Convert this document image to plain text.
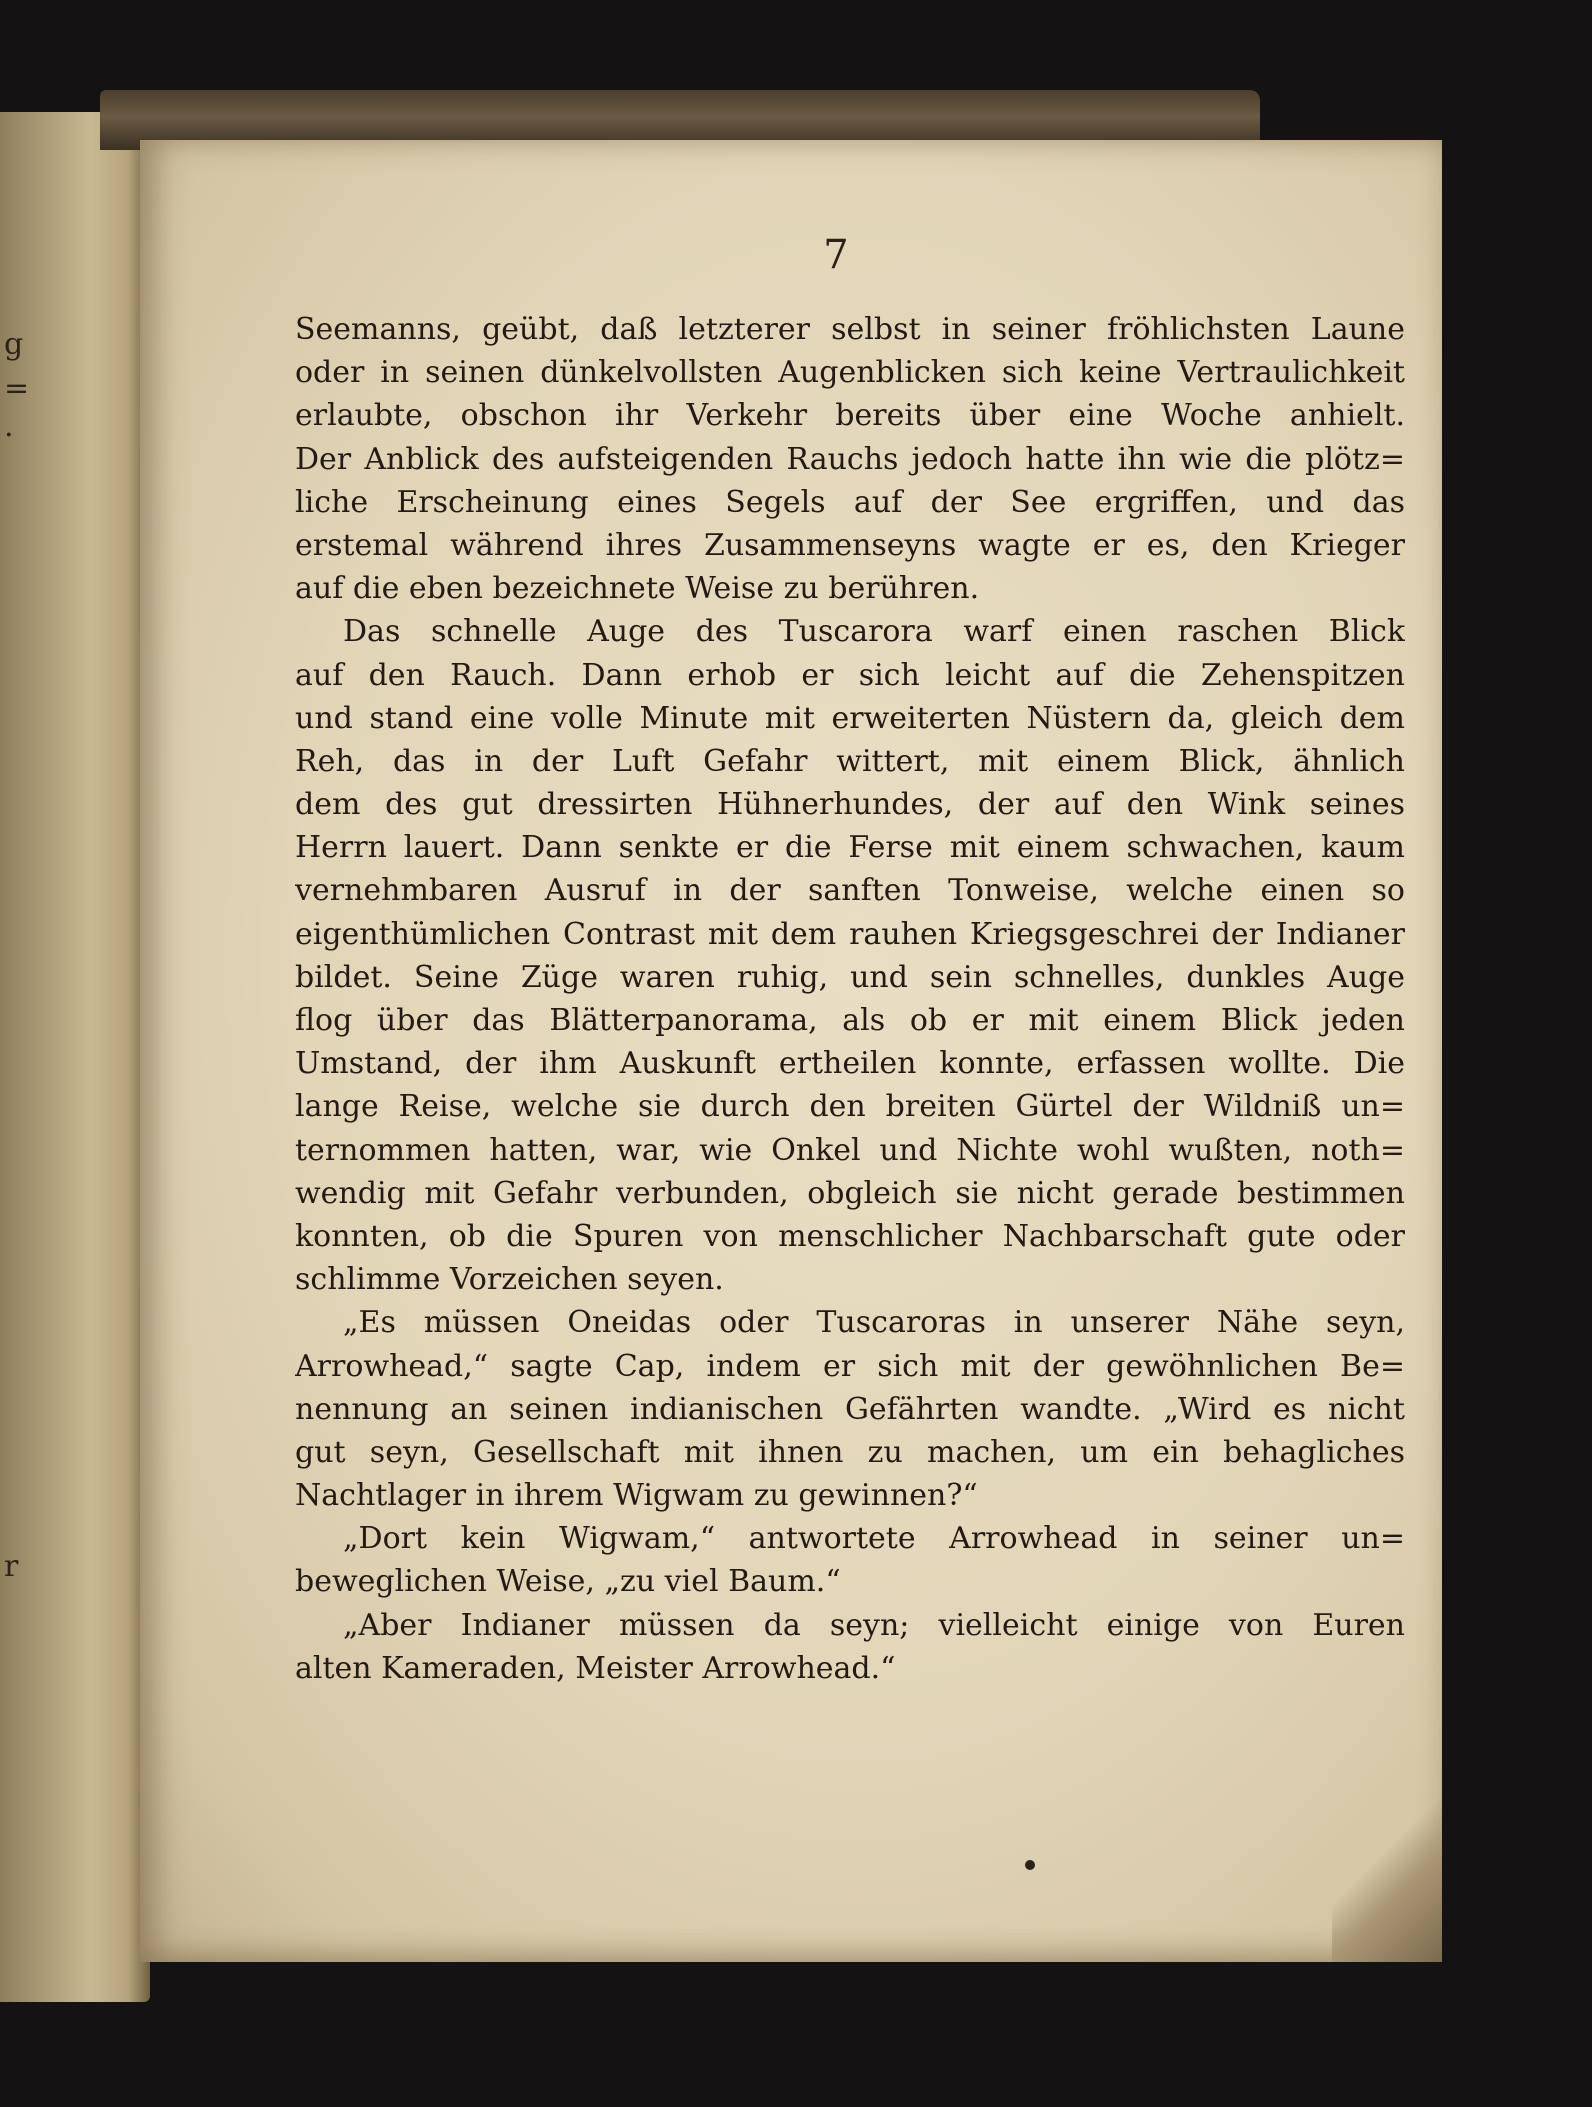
g
=
.
r
7
Seemanns, geübt, daß letzterer selbst in seiner fröhlichsten Laune
oder in seinen dünkelvollsten Augenblicken sich keine Vertraulichkeit
erlaubte, obschon ihr Verkehr bereits über eine Woche anhielt.
Der Anblick des aufsteigenden Rauchs jedoch hatte ihn wie die plötz=
liche Erscheinung eines Segels auf der See ergriffen, und das
erstemal während ihres Zusammenseyns wagte er es, den Krieger
auf die eben bezeichnete Weise zu berühren.
Das schnelle Auge des Tuscarora warf einen raschen Blick
auf den Rauch. Dann erhob er sich leicht auf die Zehenspitzen
und stand eine volle Minute mit erweiterten Nüstern da, gleich dem
Reh, das in der Luft Gefahr wittert, mit einem Blick, ähnlich
dem des gut dressirten Hühnerhundes, der auf den Wink seines
Herrn lauert. Dann senkte er die Ferse mit einem schwachen, kaum
vernehmbaren Ausruf in der sanften Tonweise, welche einen so
eigenthümlichen Contrast mit dem rauhen Kriegsgeschrei der Indianer
bildet. Seine Züge waren ruhig, und sein schnelles, dunkles Auge
flog über das Blätterpanorama, als ob er mit einem Blick jeden
Umstand, der ihm Auskunft ertheilen konnte, erfassen wollte. Die
lange Reise, welche sie durch den breiten Gürtel der Wildniß un=
ternommen hatten, war, wie Onkel und Nichte wohl wußten, noth=
wendig mit Gefahr verbunden, obgleich sie nicht gerade bestimmen
konnten, ob die Spuren von menschlicher Nachbarschaft gute oder
schlimme Vorzeichen seyen.
„Es müssen Oneidas oder Tuscaroras in unserer Nähe seyn,
Arrowhead,“ sagte Cap, indem er sich mit der gewöhnlichen Be=
nennung an seinen indianischen Gefährten wandte. „Wird es nicht
gut seyn, Gesellschaft mit ihnen zu machen, um ein behagliches
Nachtlager in ihrem Wigwam zu gewinnen?“
„Dort kein Wigwam,“ antwortete Arrowhead in seiner un=
beweglichen Weise, „zu viel Baum.“
„Aber Indianer müssen da seyn; vielleicht einige von Euren
alten Kameraden, Meister Arrowhead.“
